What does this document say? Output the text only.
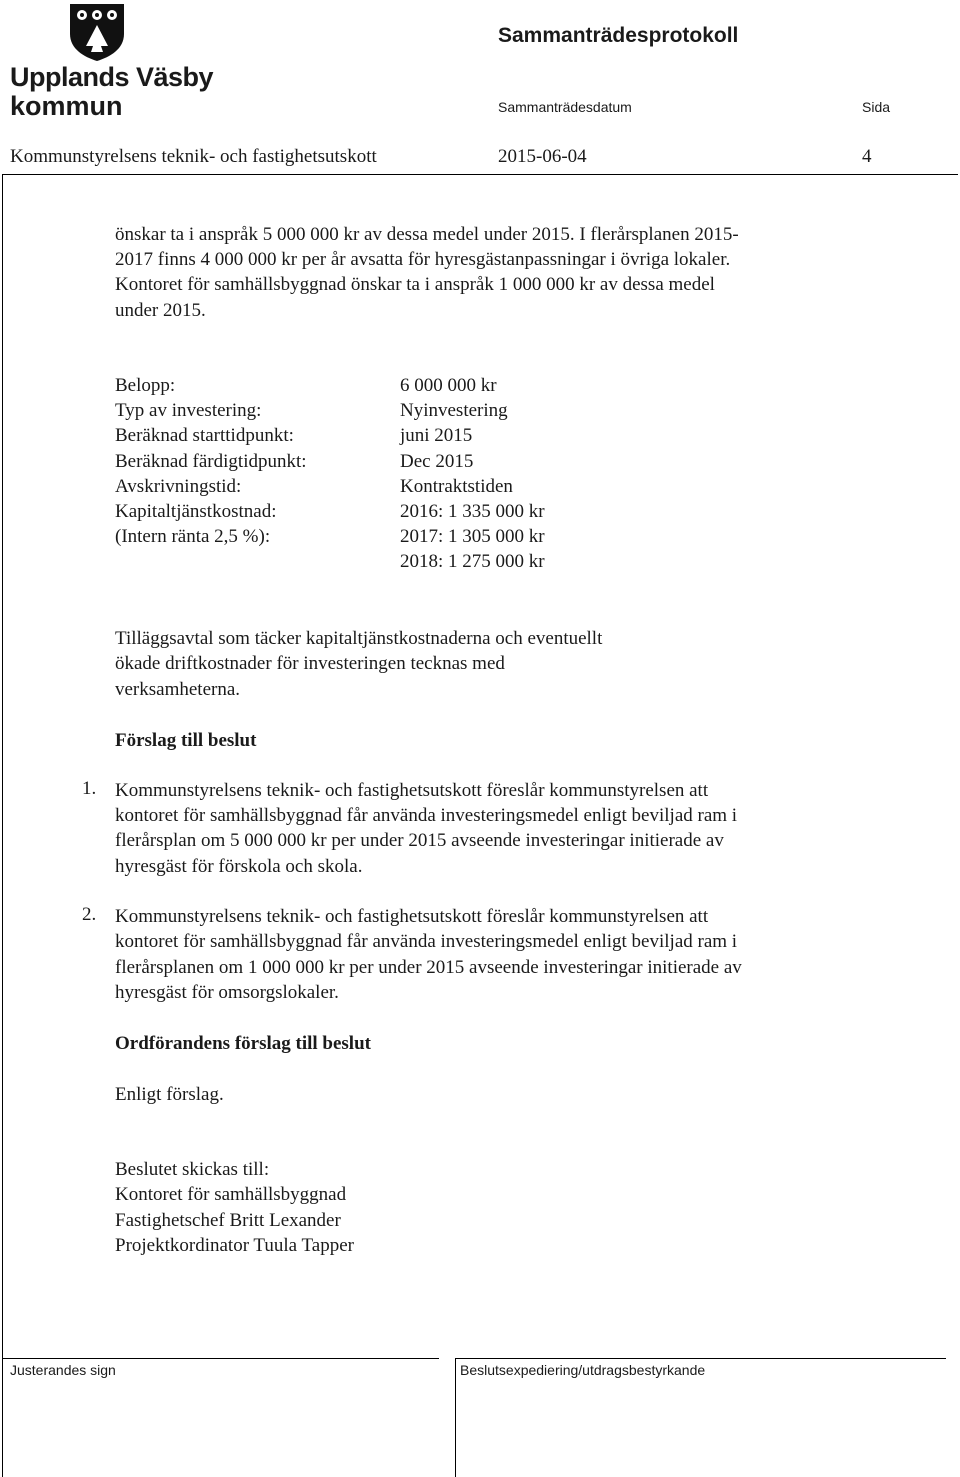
Upplands Väsby
kommun
Sammanträdesprotokoll
Sammanträdesdatum	Sida
Kommunstyrelsens teknik- och fastighetsutskott	2015-06-04	4
önskar ta i anspråk 5 000 000 kr av dessa medel under 2015. I flerårsplanen 2015-
2017 finns 4 000 000 kr per år avsatta för hyresgästanpassningar i övriga lokaler.
Kontoret för samhällsbyggnad önskar ta i anspråk 1 000 000 kr av dessa medel
under 2015.
Belopp:	6 000 000 kr
Typ av investering:	Nyinvestering
Beräknad starttidpunkt:	juni 2015
Beräknad färdigtidpunkt:	Dec 2015
Avskrivningstid:	Kontraktstiden
Kapitaltjänstkostnad:	2016: 1 335 000 kr
(Intern ränta 2,5 %):	2017: 1 305 000 kr
2018: 1 275 000 kr
Tilläggsavtal som täcker kapitaltjänstkostnaderna och eventuellt
ökade driftkostnader för investeringen tecknas med
verksamheterna.
Förslag till beslut
1. Kommunstyrelsens teknik- och fastighetsutskott föreslår kommunstyrelsen att
kontoret för samhällsbyggnad får använda investeringsmedel enligt beviljad ram i
flerårsplan om 5 000 000 kr per under 2015 avseende investeringar initierade av
hyresgäst för förskola och skola.
2. Kommunstyrelsens teknik- och fastighetsutskott föreslår kommunstyrelsen att
kontoret för samhällsbyggnad får använda investeringsmedel enligt beviljad ram i
flerårsplanen om 1 000 000 kr per under 2015 avseende investeringar initierade av
hyresgäst för omsorgslokaler.
Ordförandens förslag till beslut
Enligt förslag.
Beslutet skickas till:
Kontoret för samhällsbyggnad
Fastighetschef Britt Lexander
Projektkordinator Tuula Tapper
Justerandes sign	Beslutsexpediering/utdragsbestyrkande
